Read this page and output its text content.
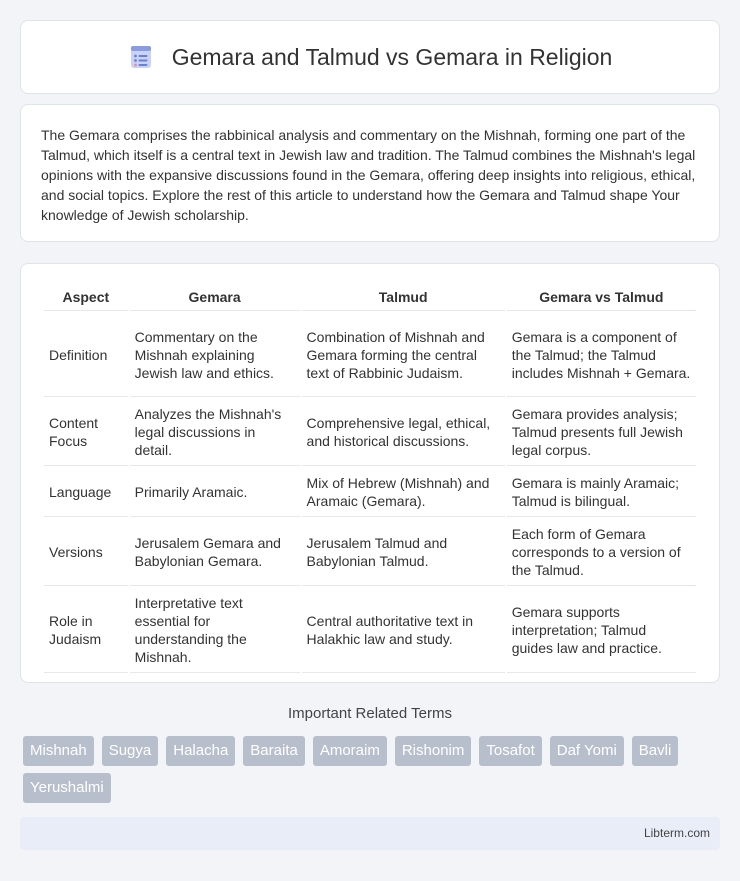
Gemara and Talmud vs Gemara in Religion

The Gemara comprises the rabbinical analysis and commentary on the Mishnah, forming one part of the Talmud, which itself is a central text in Jewish law and tradition. The Talmud combines the Mishnah's legal opinions with the expansive discussions found in the Gemara, offering deep insights into religious, ethical, and social topics. Explore the rest of this article to understand how the Gemara and Talmud shape Your knowledge of Jewish scholarship.

Aspect	Gemara	Talmud	Gemara vs Talmud
Definition	Commentary on the Mishnah explaining Jewish law and ethics.	Combination of Mishnah and Gemara forming the central text of Rabbinic Judaism.	Gemara is a component of the Talmud; the Talmud includes Mishnah + Gemara.
Content Focus	Analyzes the Mishnah's legal discussions in detail.	Comprehensive legal, ethical, and historical discussions.	Gemara provides analysis; Talmud presents full Jewish legal corpus.
Language	Primarily Aramaic.	Mix of Hebrew (Mishnah) and Aramaic (Gemara).	Gemara is mainly Aramaic; Talmud is bilingual.
Versions	Jerusalem Gemara and Babylonian Gemara.	Jerusalem Talmud and Babylonian Talmud.	Each form of Gemara corresponds to a version of the Talmud.
Role in Judaism	Interpretative text essential for understanding the Mishnah.	Central authoritative text in Halakhic law and study.	Gemara supports interpretation; Talmud guides law and practice.
Important Related Terms
Mishnah	Sugya	Halacha	Baraita	Amoraim	Rishonim	Tosafot	Daf Yomi	Bavli
Yerushalmi
Libterm.com
